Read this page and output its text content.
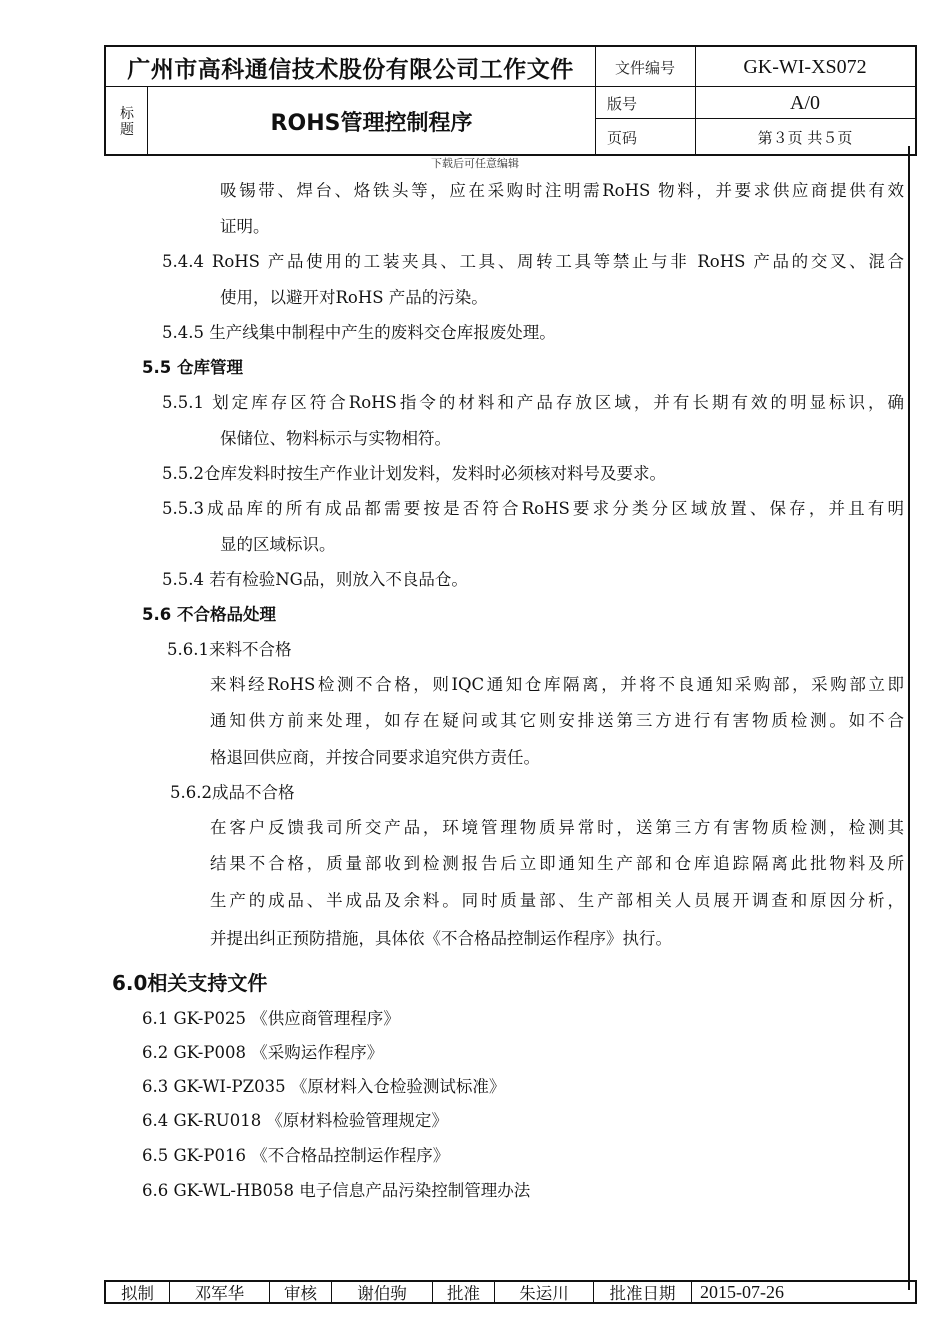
广州市高科通信技术股份有限公司工作文件	文件编号	GK-WI-XS072
标
题	ROHS管理控制程序
版号	A/0
页码	第３页 共５页
下载后可任意编辑
吸锡带、焊台、烙铁头等，应在采购时注明需RoHS 物料，并要求供应商提供有效
证明。
5.4.4 RoHS 产品使用的工装夹具、工具、周转工具等禁止与非 RoHS 产品的交叉、混合
使用，以避开对RoHS 产品的污染。
5.4.5 生产线集中制程中产生的废料交仓库报废处理。
5.5 仓库管理
5.5.1 划定库存区符合RoHS指令的材料和产品存放区域，并有长期有效的明显标识，确
保储位、物料标示与实物相符。
5.5.2仓库发料时按生产作业计划发料，发料时必须核对料号及要求。
5.5.3成品库的所有成品都需要按是否符合RoHS要求分类分区域放置、保存，并且有明
显的区域标识。
5.5.4 若有检验NG品，则放入不良品仓。
5.6 不合格品处理
5.6.1来料不合格
来料经RoHS检测不合格，则IQC通知仓库隔离，并将不良通知采购部，采购部立即
通知供方前来处理，如存在疑问或其它则安排送第三方进行有害物质检测。如不合
格退回供应商，并按合同要求追究供方责任。
5.6.2成品不合格
在客户反馈我司所交产品，环境管理物质异常时，送第三方有害物质检测，检测其
结果不合格，质量部收到检测报告后立即通知生产部和仓库追踪隔离此批物料及所
生产的成品、半成品及余料。同时质量部、生产部相关人员展开调查和原因分析，
并提出纠正预防措施，具体依《不合格品控制运作程序》执行。
6.0相关支持文件
6.1 GK-P025 《供应商管理程序》
6.2 GK-P008 《采购运作程序》
6.3 GK-WI-PZ035 《原材料入仓检验测试标准》
6.4 GK-RU018 《原材料检验管理规定》
6.5 GK-P016 《不合格品控制运作程序》
6.6 GK-WL-HB058 电子信息产品污染控制管理办法
拟制	邓军华	审核	谢伯驹	批准	朱运川	批准日期	2015-07-26
